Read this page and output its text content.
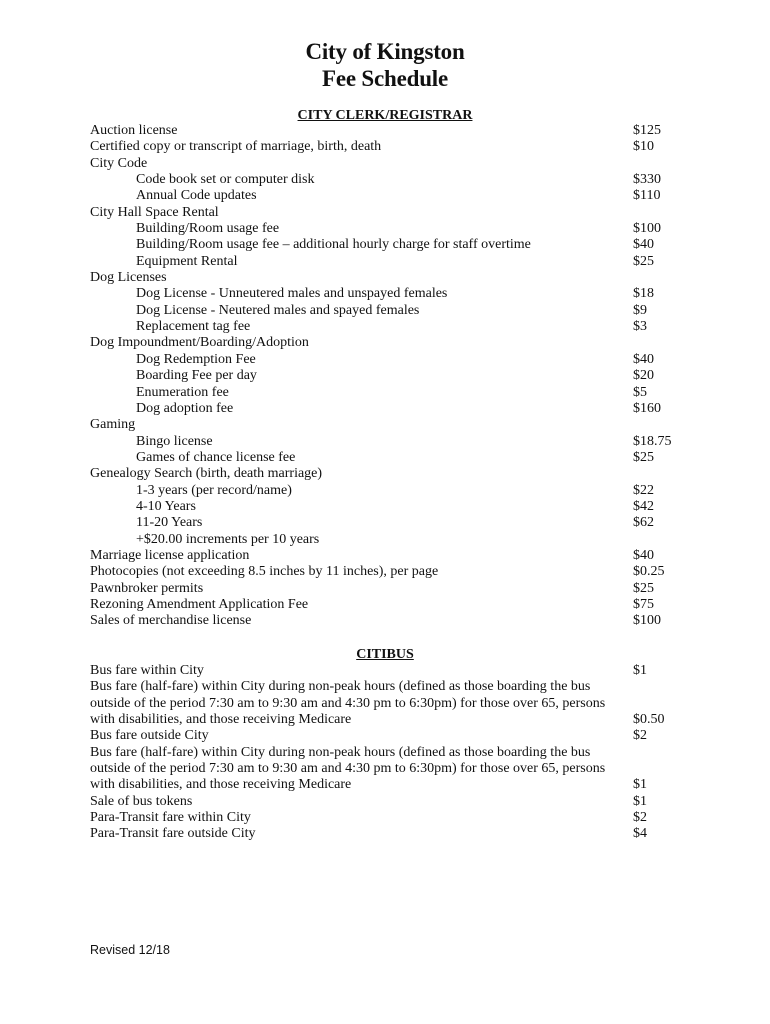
City of Kingston
Fee Schedule
CITY CLERK/REGISTRAR
Auction license	$125
Certified copy or transcript of marriage, birth, death	$10
City Code
Code book set or computer disk	$330
Annual Code updates	$110
City Hall Space Rental
Building/Room usage fee	$100
Building/Room usage fee – additional hourly charge for staff overtime	$40
Equipment Rental	$25
Dog Licenses
Dog License - Unneutered males and unspayed females	$18
Dog License - Neutered males and spayed females	$9
Replacement tag fee	$3
Dog Impoundment/Boarding/Adoption
Dog Redemption Fee	$40
Boarding Fee per day	$20
Enumeration fee	$5
Dog adoption fee	$160
Gaming
Bingo license	$18.75
Games of chance license fee	$25
Genealogy Search (birth, death marriage)
1-3 years (per record/name)	$22
4-10 Years	$42
11-20 Years	$62
+$20.00 increments per 10 years
Marriage license application	$40
Photocopies (not exceeding 8.5 inches by 11 inches), per page	$0.25
Pawnbroker permits	$25
Rezoning Amendment Application Fee	$75
Sales of merchandise license	$100
CITIBUS
Bus fare within City	$1
Bus fare (half-fare) within City during non-peak hours (defined as those boarding the bus
outside of the period 7:30 am to 9:30 am and 4:30 pm to 6:30pm) for those over 65, persons
with disabilities, and those receiving Medicare	$0.50
Bus fare outside City	$2
Bus fare (half-fare) within City during non-peak hours (defined as those boarding the bus
outside of the period 7:30 am to 9:30 am and 4:30 pm to 6:30pm) for those over 65, persons
with disabilities, and those receiving Medicare	$1
Sale of bus tokens	$1
Para-Transit fare within City	$2
Para-Transit fare outside City	$4
Revised 12/18
